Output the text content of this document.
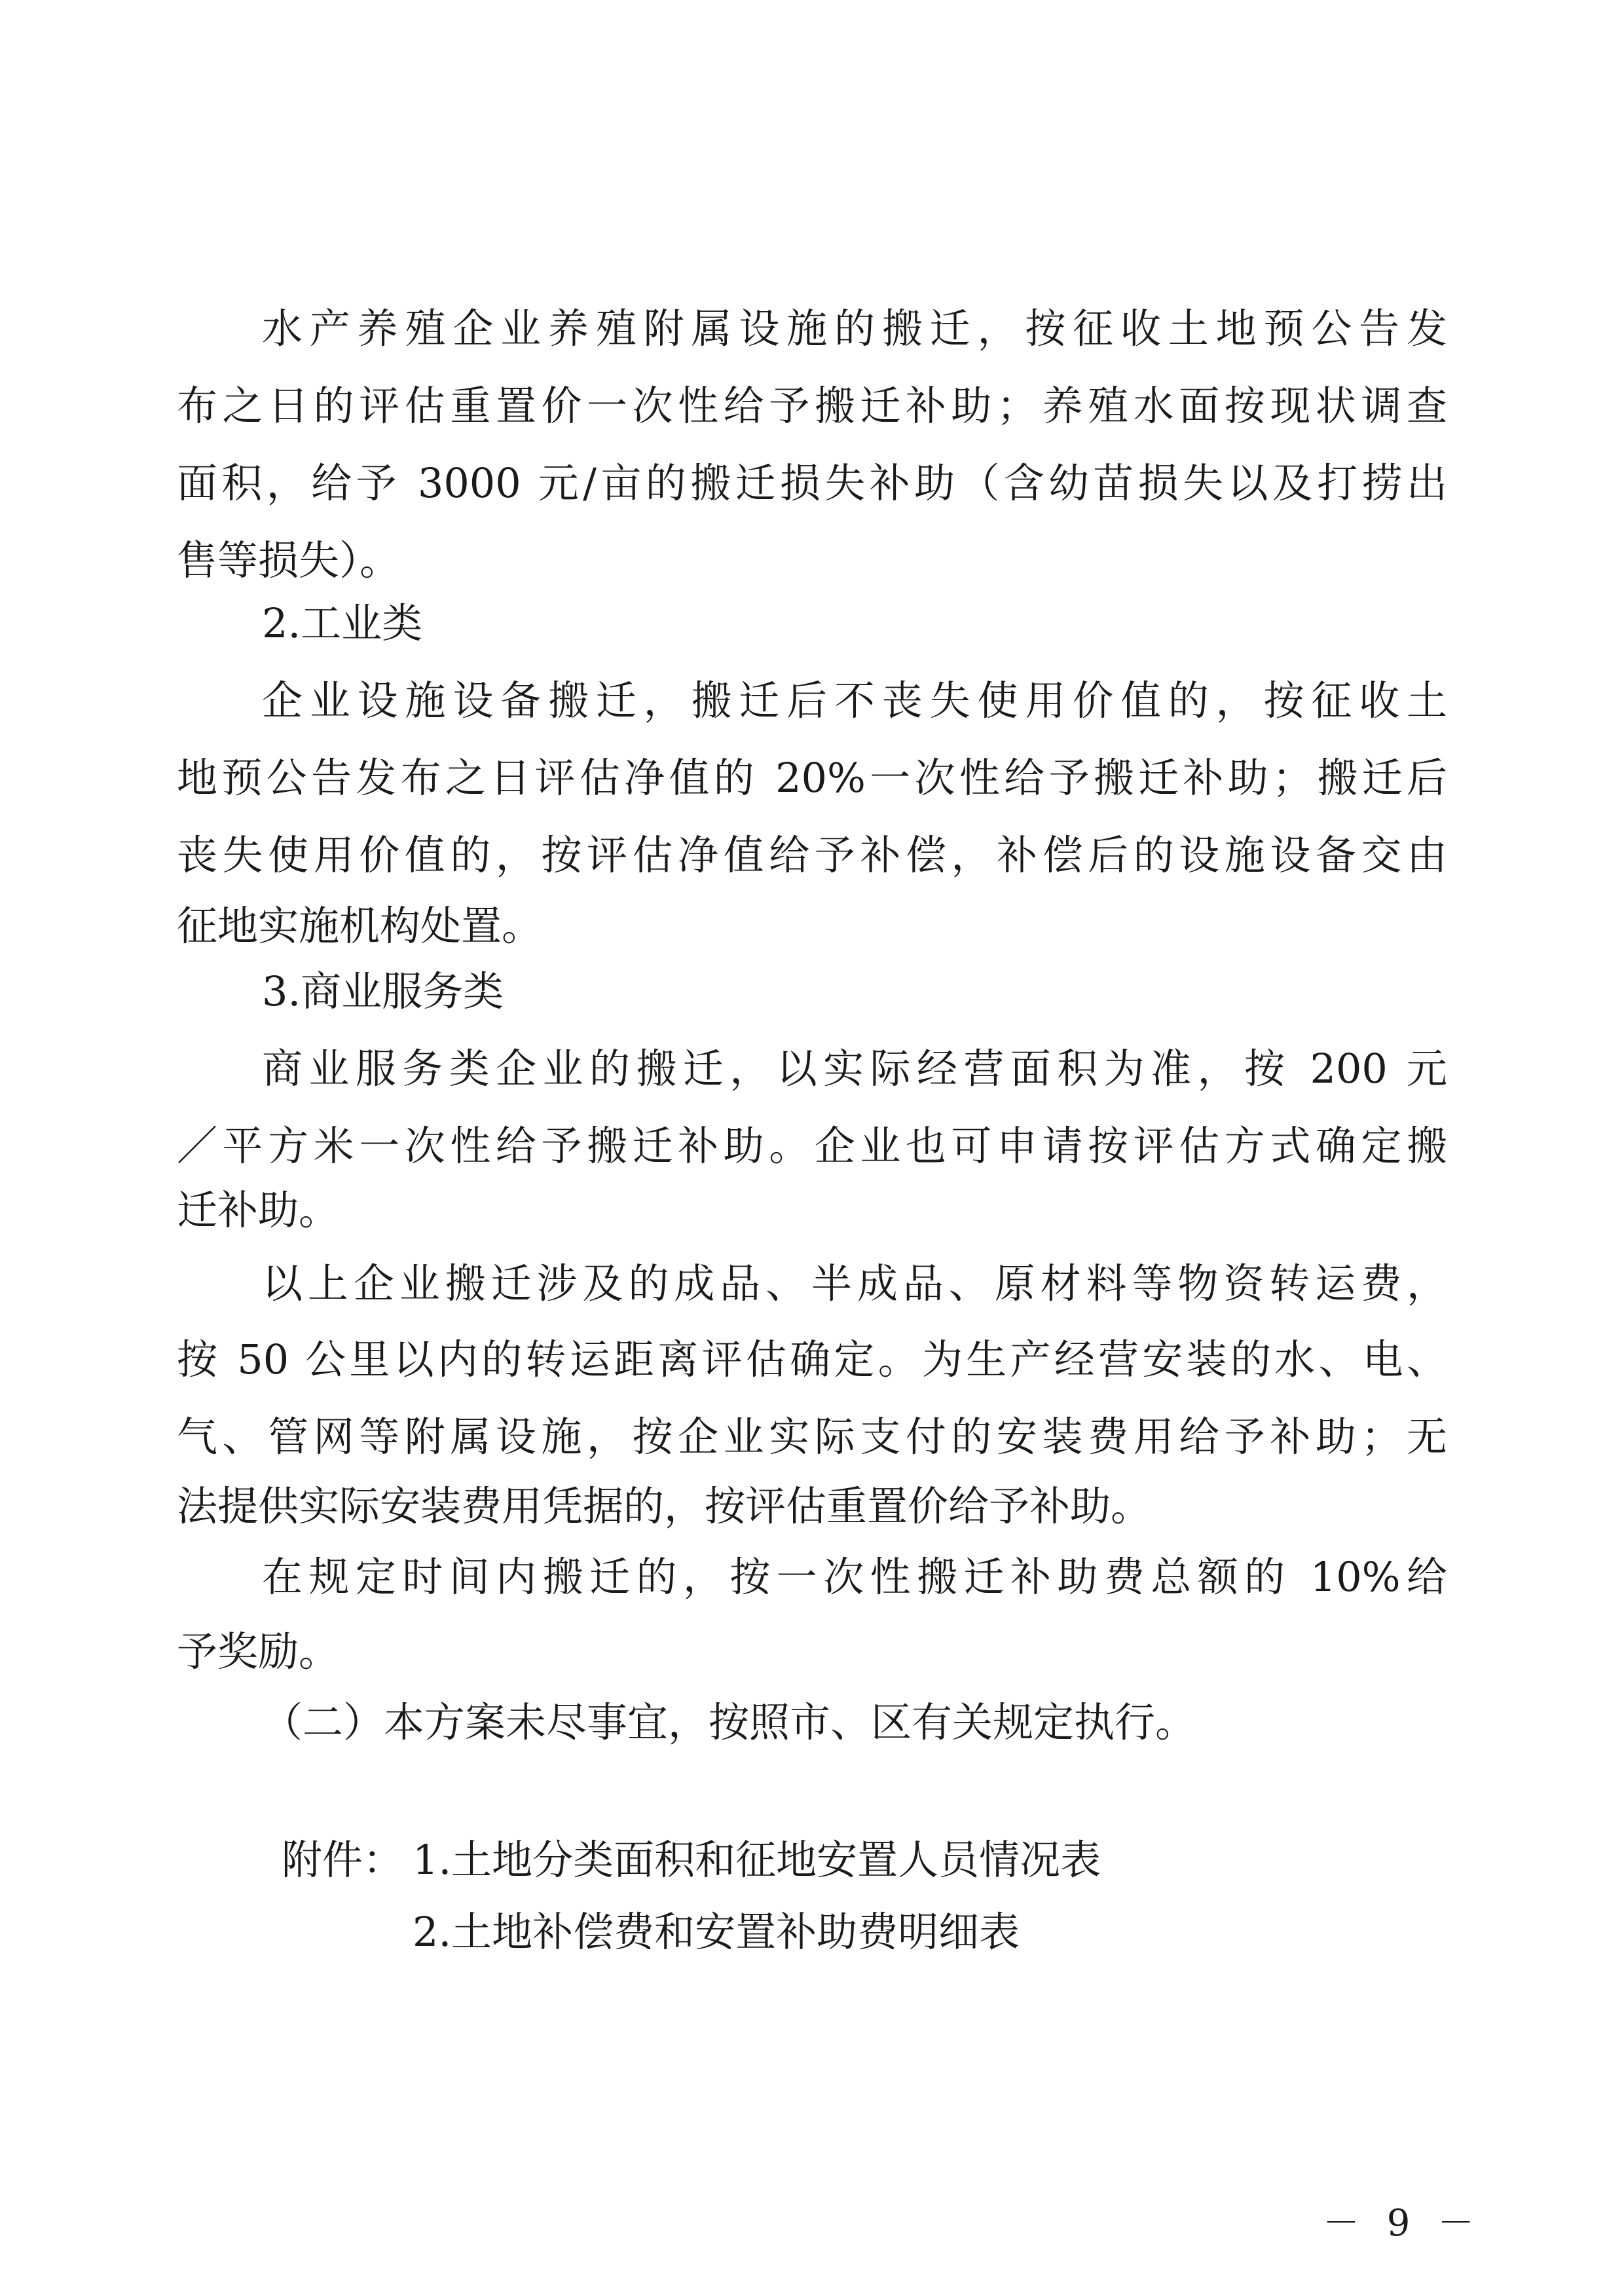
水产养殖企业养殖附属设施的搬迁，按征收土地预公告发
布之日的评估重置价一次性给予搬迁补助；养殖水面按现状调查
面积，给予 3000 元/亩的搬迁损失补助（含幼苗损失以及打捞出
售等损失）。
2.工业类
企业设施设备搬迁，搬迁后不丧失使用价值的，按征收土
地预公告发布之日评估净值的 20%一次性给予搬迁补助；搬迁后
丧失使用价值的，按评估净值给予补偿，补偿后的设施设备交由
征地实施机构处置。
3.商业服务类
商业服务类企业的搬迁，以实际经营面积为准，按 200 元
／平方米一次性给予搬迁补助。企业也可申请按评估方式确定搬
迁补助。
以上企业搬迁涉及的成品、半成品、原材料等物资转运费，
按 50 公里以内的转运距离评估确定。为生产经营安装的水、电、
气、管网等附属设施，按企业实际支付的安装费用给予补助；无
法提供实际安装费用凭据的，按评估重置价给予补助。
在规定时间内搬迁的，按一次性搬迁补助费总额的 10%给
予奖励。
（二）本方案未尽事宜，按照市、区有关规定执行。
附件： 1.土地分类面积和征地安置人员情况表
2.土地补偿费和安置补助费明细表
－ 9 －
